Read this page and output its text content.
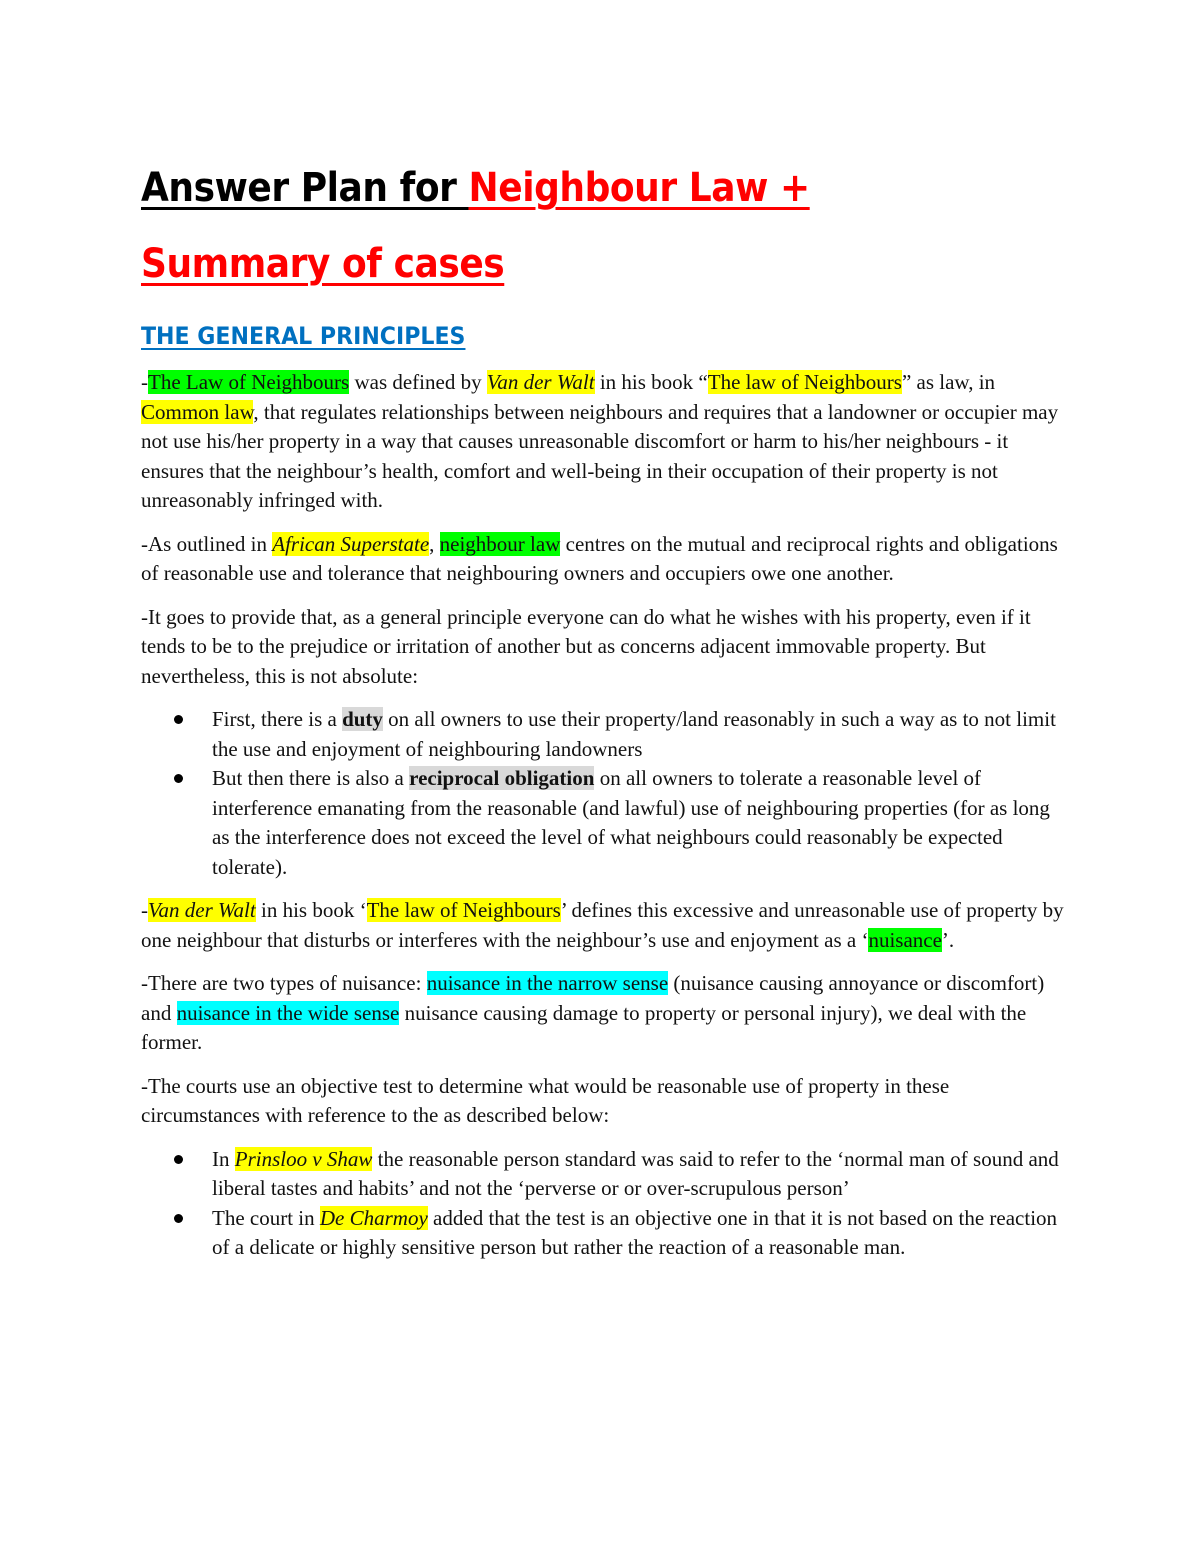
Answer Plan for Neighbour Law +
Summary of cases
THE GENERAL PRINCIPLES

-The Law of Neighbours was defined by Van der Walt in his book “The law of Neighbours” as law, in Common law, that regulates relationships between neighbours and requires that a landowner or occupier may not use his/her property in a way that causes unreasonable discomfort or harm to his/her neighbours - it ensures that the neighbour’s health, comfort and well-being in their occupation of their property is not unreasonably infringed with.

-As outlined in African Superstate, neighbour law centres on the mutual and reciprocal rights and obligations of reasonable use and tolerance that neighbouring owners and occupiers owe one another.

-It goes to provide that, as a general principle everyone can do what he wishes with his property, even if it tends to be to the prejudice or irritation of another but as concerns adjacent immovable property. But nevertheless, this is not absolute:

First, there is a duty on all owners to use their property/land reasonably in such a way as to not limit the use and enjoyment of neighbouring landowners
But then there is also a reciprocal obligation on all owners to tolerate a reasonable level of interference emanating from the reasonable (and lawful) use of neighbouring properties (for as long as the interference does not exceed the level of what neighbours could reasonably be expected tolerate).

-Van der Walt in his book ‘The law of Neighbours’ defines this excessive and unreasonable use of property by one neighbour that disturbs or interferes with the neighbour’s use and enjoyment as a ‘nuisance’.

-There are two types of nuisance: nuisance in the narrow sense (nuisance causing annoyance or discomfort) and nuisance in the wide sense nuisance causing damage to property or personal injury), we deal with the former.

-The courts use an objective test to determine what would be reasonable use of property in these circumstances with reference to the as described below:

In Prinsloo v Shaw the reasonable person standard was said to refer to the ‘normal man of sound and liberal tastes and habits’ and not the ‘perverse or or over-scrupulous person’
The court in De Charmoy added that the test is an objective one in that it is not based on the reaction of a delicate or highly sensitive person but rather the reaction of a reasonable man.
